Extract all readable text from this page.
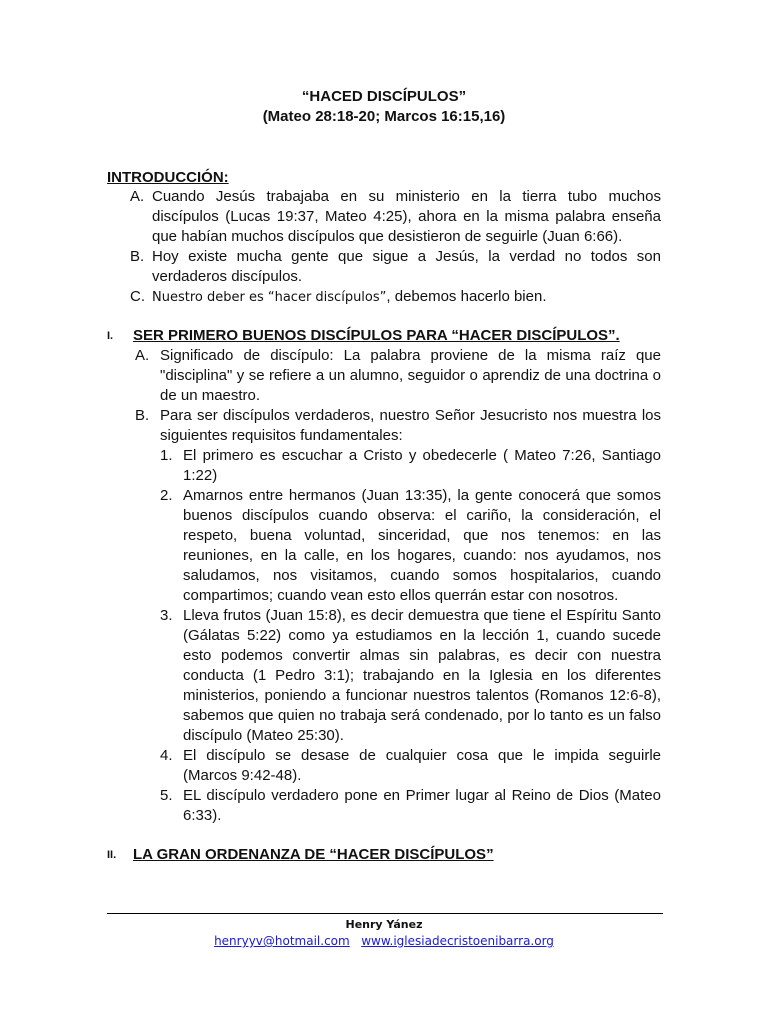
“HACED DISCÍPULOS”
(Mateo 28:18-20; Marcos 16:15,16)
INTRODUCCIÓN:
A. Cuando Jesús trabajaba en su ministerio en la tierra tubo muchos
discípulos (Lucas 19:37, Mateo 4:25), ahora en la misma palabra enseña
que habían muchos discípulos que desistieron de seguirle (Juan 6:66).
B. Hoy existe mucha gente que sigue a Jesús, la verdad no todos son
verdaderos discípulos.
C. Nuestro deber es “hacer discípulos”, debemos hacerlo bien.
I. SER PRIMERO BUENOS DISCÍPULOS PARA “HACER DISCÍPULOS”.
A. Significado de discípulo: La palabra proviene de la misma raíz que
"disciplina" y se refiere a un alumno, seguidor o aprendiz de una doctrina o
de un maestro.
B. Para ser discípulos verdaderos, nuestro Señor Jesucristo nos muestra los
siguientes requisitos fundamentales:
1. El primero es escuchar a Cristo y obedecerle ( Mateo 7:26, Santiago
1:22)
2. Amarnos entre hermanos (Juan 13:35), la gente conocerá que somos
buenos discípulos cuando observa: el cariño, la consideración, el
respeto, buena voluntad, sinceridad, que nos tenemos: en las
reuniones, en la calle, en los hogares, cuando: nos ayudamos, nos
saludamos, nos visitamos, cuando somos hospitalarios, cuando
compartimos; cuando vean esto ellos querrán estar con nosotros.
3. Lleva frutos (Juan 15:8), es decir demuestra que tiene el Espíritu Santo
(Gálatas 5:22) como ya estudiamos en la lección 1, cuando sucede
esto podemos convertir almas sin palabras, es decir con nuestra
conducta (1 Pedro 3:1); trabajando en la Iglesia en los diferentes
ministerios, poniendo a funcionar nuestros talentos (Romanos 12:6-8),
sabemos que quien no trabaja será condenado, por lo tanto es un falso
discípulo (Mateo 25:30).
4. El discípulo se desase de cualquier cosa que le impida seguirle
(Marcos 9:42-48).
5. EL discípulo verdadero pone en Primer lugar al Reino de Dios (Mateo
6:33).
II. LA GRAN ORDENANZA DE “HACER DISCÍPULOS”
Henry Yánez
henryyv@hotmail.com www.iglesiadecristoenibarra.org
